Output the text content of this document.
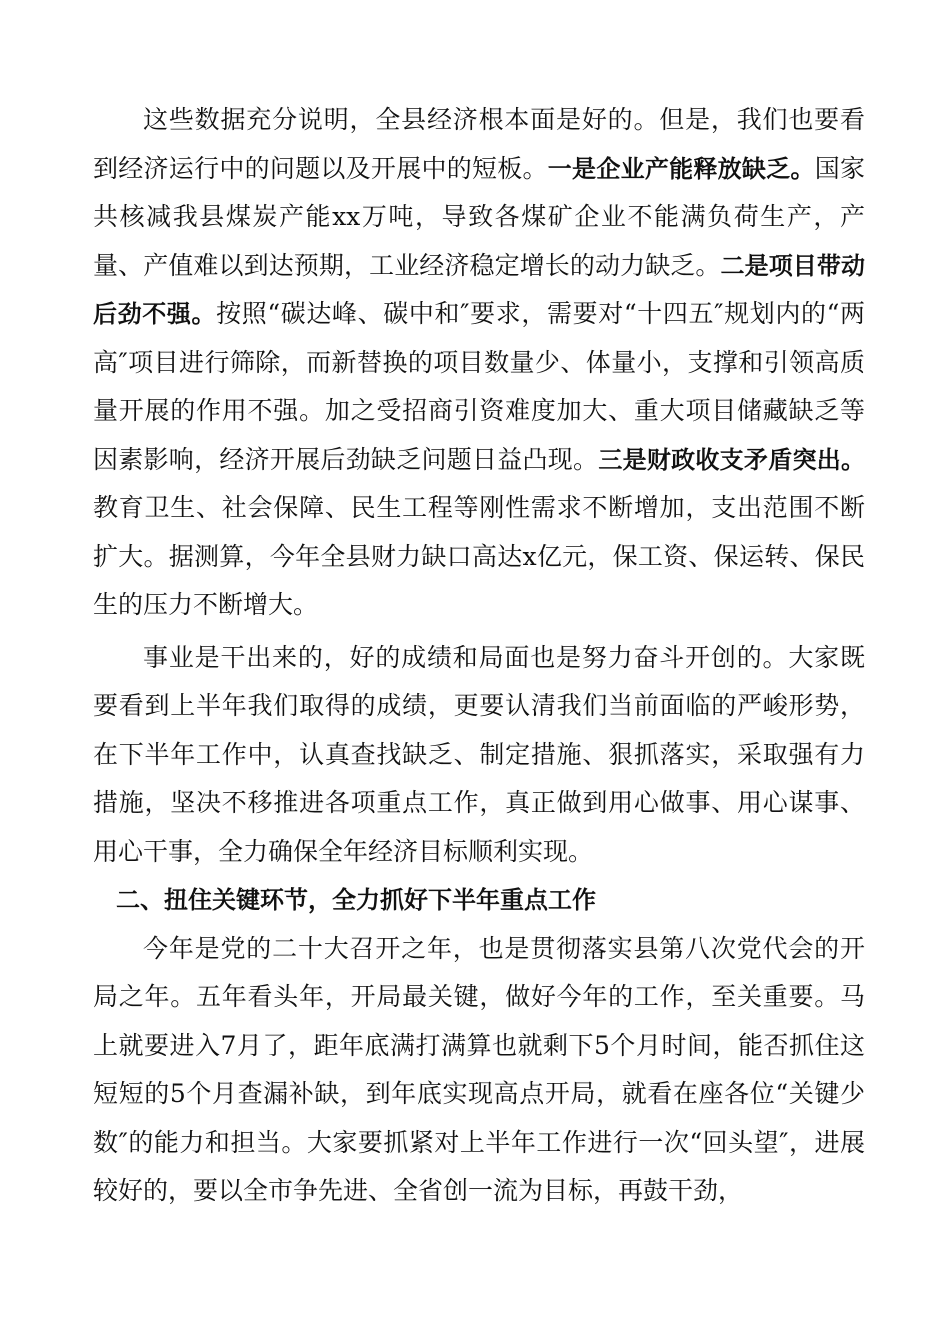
这些数据充分说明，全县经济根本面是好的。但是，我们也要看到经济运行中的问题以及开展中的短板。一是企业产能释放缺乏。国家共核减我县煤炭产能xx万吨，导致各煤矿企业不能满负荷生产，产量、产值难以到达预期，工业经济稳定增长的动力缺乏。二是项目带动后劲不强。按照“碳达峰、碳中和″要求，需要对“十四五″规划内的“两高″项目进行筛除，而新替换的项目数量少、体量小，支撑和引领高质量开展的作用不强。加之受招商引资难度加大、重大项目储藏缺乏等因素影响，经济开展后劲缺乏问题日益凸现。三是财政收支矛盾突出。教育卫生、社会保障、民生工程等刚性需求不断增加，支出范围不断扩大。据测算，今年全县财力缺口高达x亿元，保工资、保运转、保民生的压力不断增大。

事业是干出来的，好的成绩和局面也是努力奋斗开创的。大家既要看到上半年我们取得的成绩，更要认清我们当前面临的严峻形势，在下半年工作中，认真查找缺乏、制定措施、狠抓落实，采取强有力措施，坚决不移推进各项重点工作，真正做到用心做事、用心谋事、用心干事，全力确保全年经济目标顺利实现。

二、扭住关键环节，全力抓好下半年重点工作

今年是党的二十大召开之年，也是贯彻落实县第八次党代会的开局之年。五年看头年，开局最关键，做好今年的工作，至关重要。马上就要进入7月了，距年底满打满算也就剩下5个月时间，能否抓住这短短的5个月查漏补缺，到年底实现高点开局，就看在座各位“关键少数″的能力和担当。大家要抓紧对上半年工作进行一次“回头望″，进展较好的，要以全市争先进、全省创一流为目标，再鼓干劲，
